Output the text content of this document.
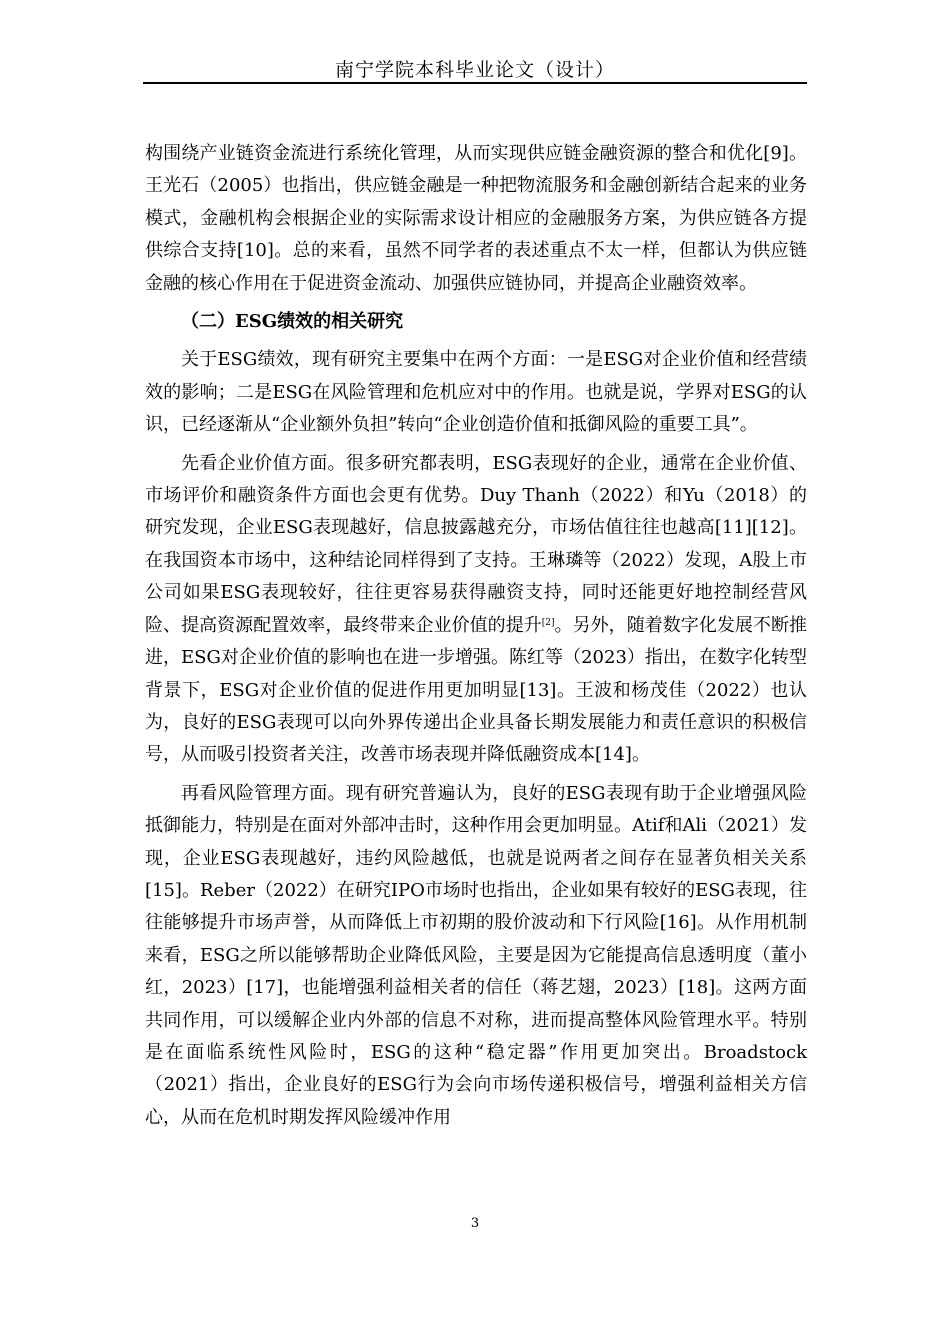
南宁学院本科毕业论文（设计）

构围绕产业链资金流进行系统化管理，从而实现供应链金融资源的整合和优化[9]。王光石（2005）也指出，供应链金融是一种把物流服务和金融创新结合起来的业务模式，金融机构会根据企业的实际需求设计相应的金融服务方案，为供应链各方提供综合支持[10]。总的来看，虽然不同学者的表述重点不太一样，但都认为供应链金融的核心作用在于促进资金流动、加强供应链协同，并提高企业融资效率。

（二）ESG绩效的相关研究

关于ESG绩效，现有研究主要集中在两个方面：一是ESG对企业价值和经营绩效的影响；二是ESG在风险管理和危机应对中的作用。也就是说，学界对ESG的认识，已经逐渐从“企业额外负担”转向“企业创造价值和抵御风险的重要工具”。

先看企业价值方面。很多研究都表明，ESG表现好的企业，通常在企业价值、市场评价和融资条件方面也会更有优势。Duy Thanh（2022）和Yu（2018）的研究发现，企业ESG表现越好，信息披露越充分，市场估值往往也越高[11][12]。在我国资本市场中，这种结论同样得到了支持。王琳璘等（2022）发现，A股上市公司如果ESG表现较好，往往更容易获得融资支持，同时还能更好地控制经营风险、提高资源配置效率，最终带来企业价值的提升[2]。另外，随着数字化发展不断推进，ESG对企业价值的影响也在进一步增强。陈红等（2023）指出，在数字化转型背景下，ESG对企业价值的促进作用更加明显[13]。王波和杨茂佳（2022）也认为，良好的ESG表现可以向外界传递出企业具备长期发展能力和责任意识的积极信号，从而吸引投资者关注，改善市场表现并降低融资成本[14]。

再看风险管理方面。现有研究普遍认为，良好的ESG表现有助于企业增强风险抵御能力，特别是在面对外部冲击时，这种作用会更加明显。Atif和Ali（2021）发现，企业ESG表现越好，违约风险越低，也就是说两者之间存在显著负相关关系[15]。Reber（2022）在研究IPO市场时也指出，企业如果有较好的ESG表现，往往能够提升市场声誉，从而降低上市初期的股价波动和下行风险[16]。从作用机制来看，ESG之所以能够帮助企业降低风险，主要是因为它能提高信息透明度（董小红，2023）[17]，也能增强利益相关者的信任（蒋艺翅，2023）[18]。这两方面共同作用，可以缓解企业内外部的信息不对称，进而提高整体风险管理水平。特别是在面临系统性风险时，ESG的这种“稳定器”作用更加突出。Broadstock（2021）指出，企业良好的ESG行为会向市场传递积极信号，增强利益相关方信心，从而在危机时期发挥风险缓冲作用

3
